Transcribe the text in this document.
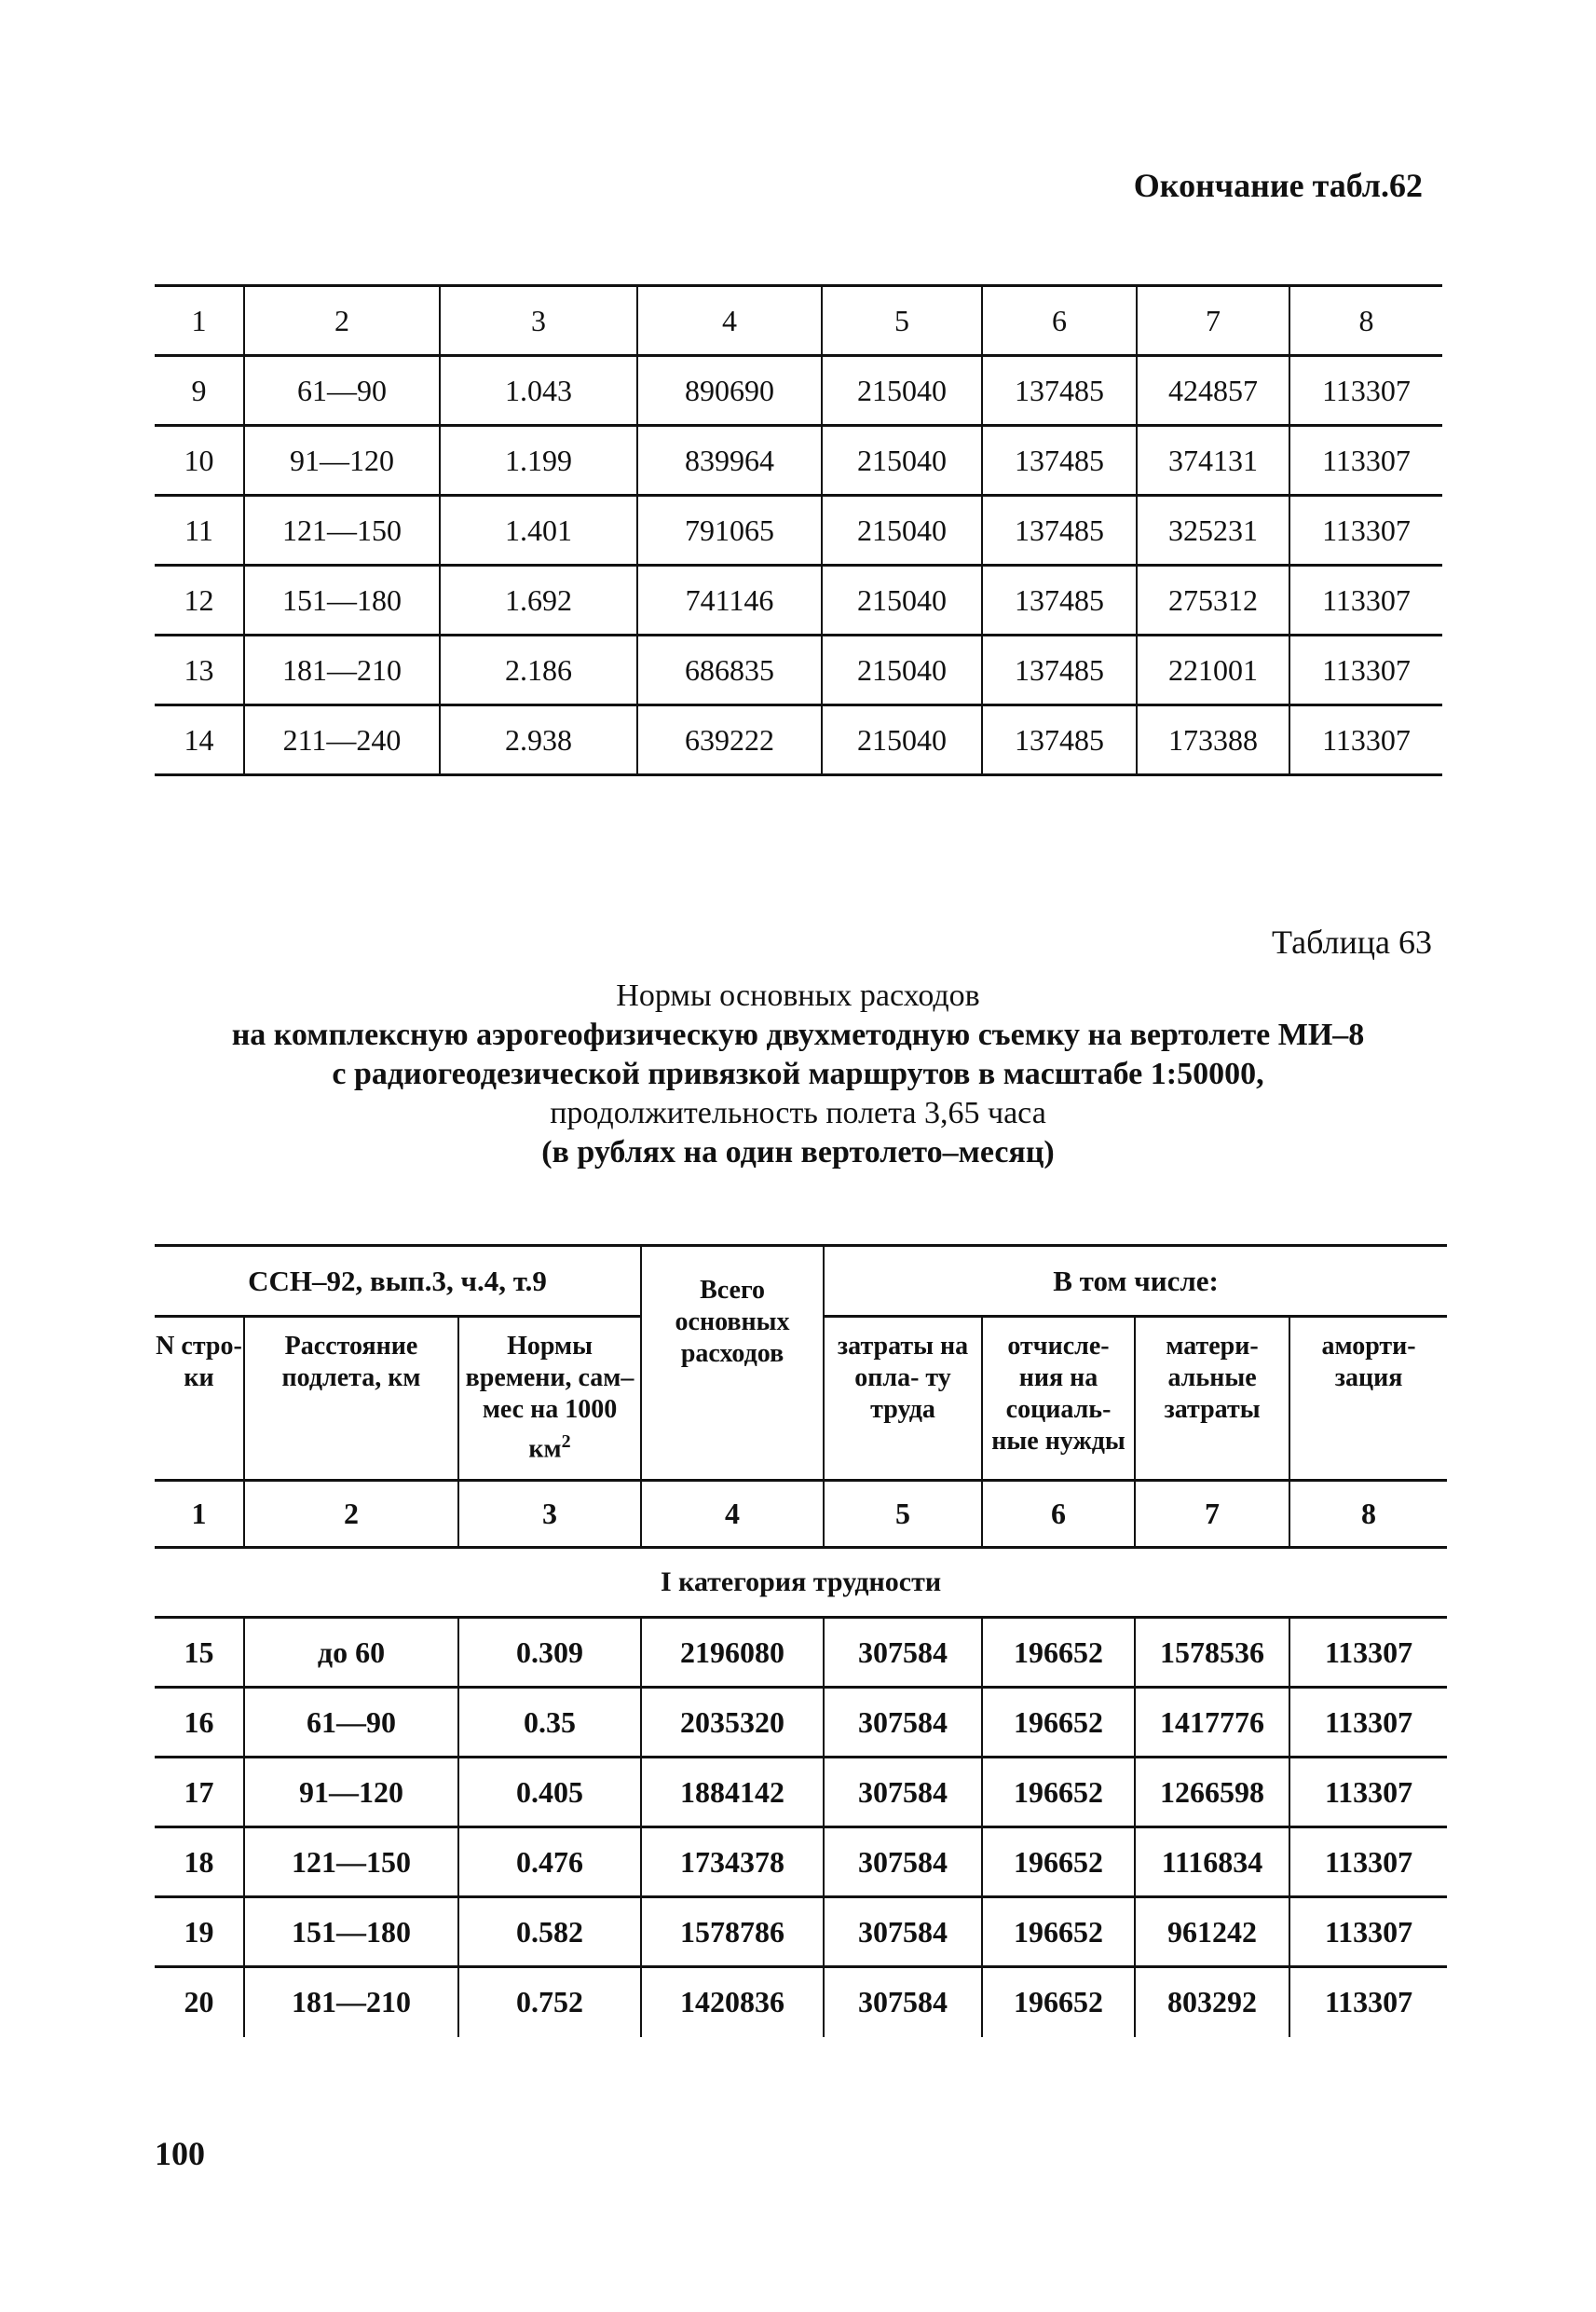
Окончание табл.62
1	2	3	4	5	6	7	8
9	61—90	1.043	890690	215040	137485	424857	113307
10	91—120	1.199	839964	215040	137485	374131	113307
11	121—150	1.401	791065	215040	137485	325231	113307
12	151—180	1.692	741146	215040	137485	275312	113307
13	181—210	2.186	686835	215040	137485	221001	113307
14	211—240	2.938	639222	215040	137485	173388	113307
Таблица 63
Нормы основных расходов
на комплексную аэрогеофизическую двухметодную съемку на вертолете МИ–8
с радиогеодезической привязкой маршрутов в масштабе 1:50000,
продолжительность полета 3,65 часа
(в рублях на один вертолето–месяц)
ССН–92, вып.3, ч.4, т.9			Всего основных расходов	В том числе:			
N стро- ки	Расстояние подлета, км	Нормы времени, сам–мес на 1000 $км^2$		затраты на опла- ту труда	отчисле- ния на социаль- ные нужды	матери- альные затраты	аморти- зация
1	2	3	4	5	6	7	8
I категория трудности							
15	до 60	0.309	2196080	307584	196652	1578536	113307
16	61—90	0.35	2035320	307584	196652	1417776	113307
17	91—120	0.405	1884142	307584	196652	1266598	113307
18	121—150	0.476	1734378	307584	196652	1116834	113307
19	151—180	0.582	1578786	307584	196652	961242	113307
20	181—210	0.752	1420836	307584	196652	803292	113307
100
